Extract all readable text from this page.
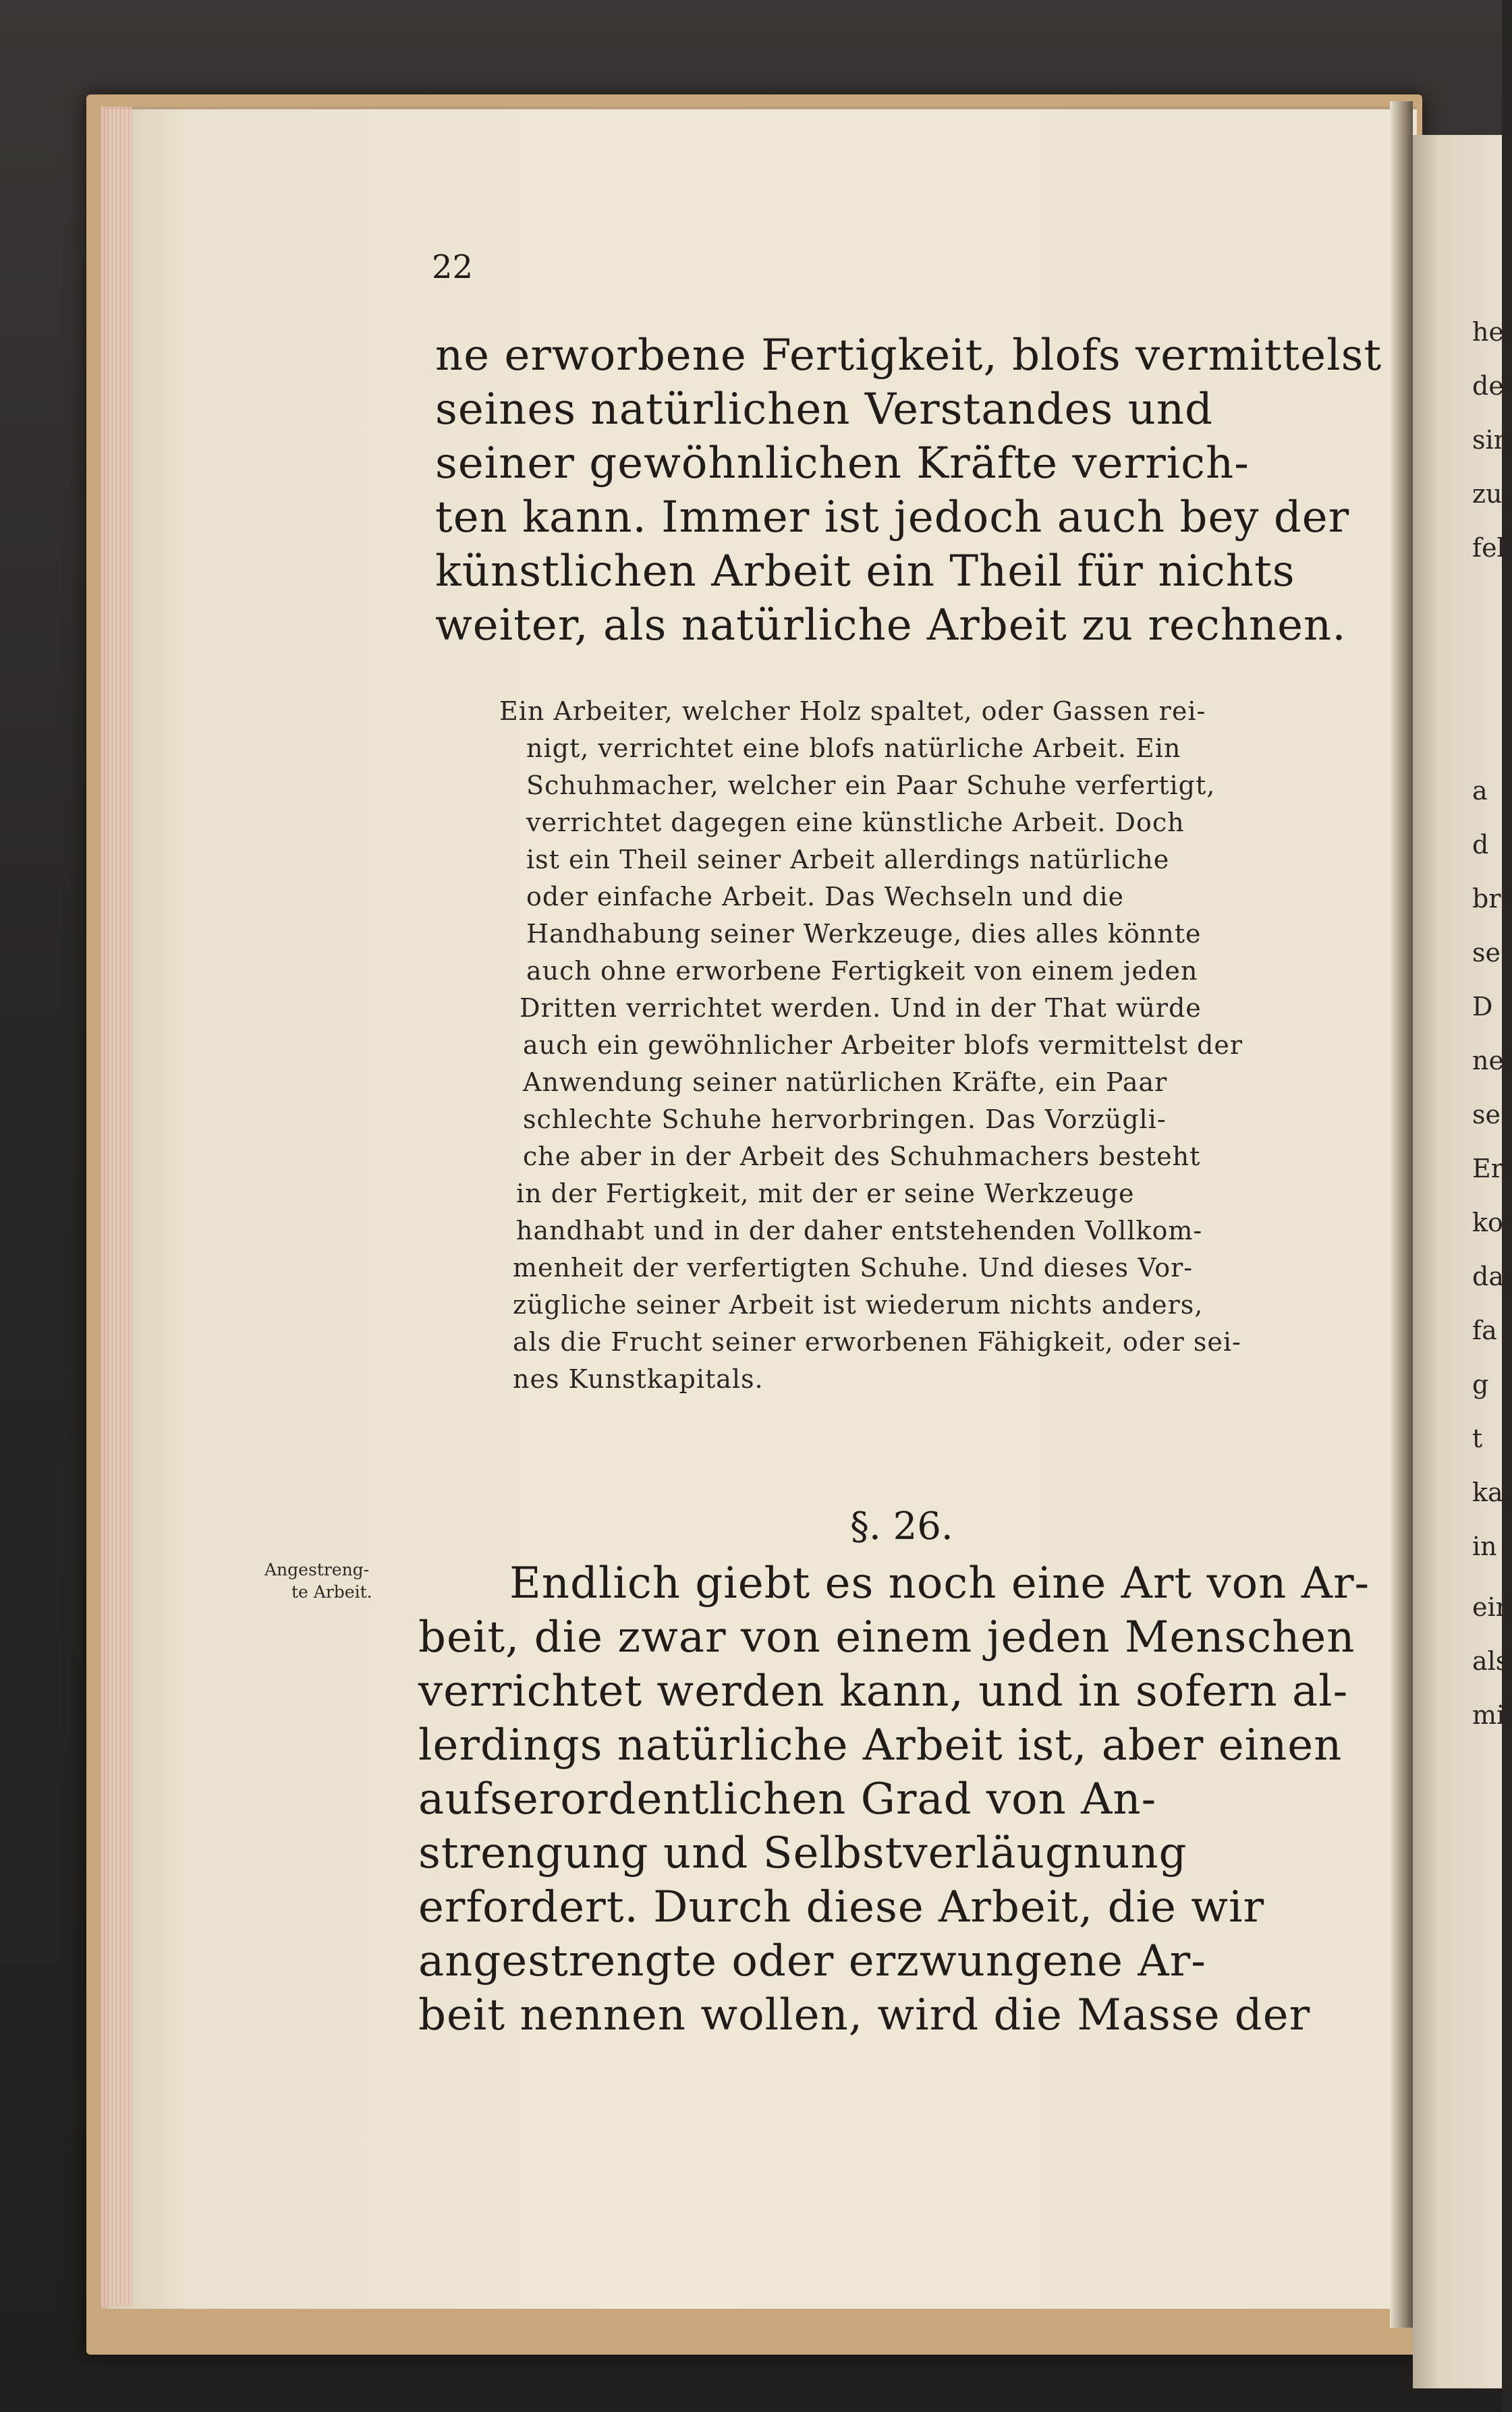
22
ne erworbene Fertigkeit, blofs vermittelst
seines natürlichen Verstandes und
seiner gewöhnlichen Kräfte verrich-
ten kann. Immer ist jedoch auch bey der
künstlichen Arbeit ein Theil für nichts
weiter, als natürliche Arbeit zu rechnen.
Ein Arbeiter, welcher Holz spaltet, oder Gassen rei-
nigt, verrichtet eine blofs natürliche Arbeit. Ein
Schuhmacher, welcher ein Paar Schuhe verfertigt,
verrichtet dagegen eine künstliche Arbeit. Doch
ist ein Theil seiner Arbeit allerdings natürliche
oder einfache Arbeit. Das Wechseln und die
Handhabung seiner Werkzeuge, dies alles könnte
auch ohne erworbene Fertigkeit von einem jeden
Dritten verrichtet werden. Und in der That würde
auch ein gewöhnlicher Arbeiter blofs vermittelst der
Anwendung seiner natürlichen Kräfte, ein Paar
schlechte Schuhe hervorbringen. Das Vorzügli-
che aber in der Arbeit des Schuhmachers besteht
in der Fertigkeit, mit der er seine Werkzeuge
handhabt und in der daher entstehenden Vollkom-
menheit der verfertigten Schuhe. Und dieses Vor-
zügliche seiner Arbeit ist wiederum nichts anders,
als die Frucht seiner erworbenen Fähigkeit, oder sei-
nes Kunstkapitals.
§. 26.
Angestreng-
te Arbeit.	Endlich giebt es noch eine Art von Ar-
beit, die zwar von einem jeden Menschen
verrichtet werden kann, und in sofern al-
lerdings natürliche Arbeit ist, aber einen
aufserordentlichen Grad von An-
strengung und Selbstverläugnung
erfordert. Durch diese Arbeit, die wir
angestrengte oder erzwungene Ar-
beit nennen wollen, wird die Masse der
he
de
sin
zu
fel
a
d
br
se
D
ne
se
Er
ko
da
fa
g
t
ka
in
ein
als
mi
